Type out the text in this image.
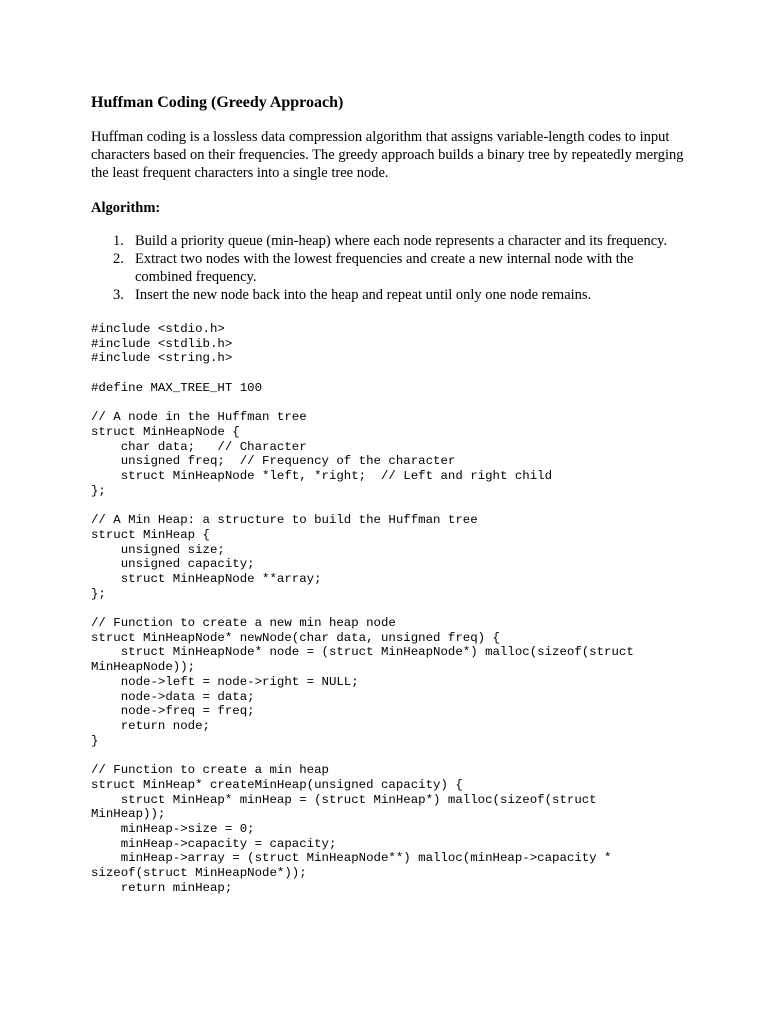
Huffman Coding (Greedy Approach)

Huffman coding is a lossless data compression algorithm that assigns variable-length codes to input characters based on their frequencies. The greedy approach builds a binary tree by repeatedly merging the least frequent characters into a single tree node.

Algorithm:

1. Build a priority queue (min-heap) where each node represents a character and its frequency.
2. Extract two nodes with the lowest frequencies and create a new internal node with the combined frequency.
3. Insert the new node back into the heap and repeat until only one node remains.
#include <stdio.h>
#include <stdlib.h>
#include <string.h>

#define MAX_TREE_HT 100

// A node in the Huffman tree
struct MinHeapNode {
char data;   // Character
unsigned freq;  // Frequency of the character
struct MinHeapNode *left, *right;  // Left and right child
};

// A Min Heap: a structure to build the Huffman tree
struct MinHeap {
unsigned size;
unsigned capacity;
struct MinHeapNode **array;
};

// Function to create a new min heap node
struct MinHeapNode* newNode(char data, unsigned freq) {
struct MinHeapNode* node = (struct MinHeapNode*) malloc(sizeof(struct
MinHeapNode));
node->left = node->right = NULL;
node->data = data;
node->freq = freq;
return node;
}

// Function to create a min heap
struct MinHeap* createMinHeap(unsigned capacity) {
struct MinHeap* minHeap = (struct MinHeap*) malloc(sizeof(struct
MinHeap));
minHeap->size = 0;
minHeap->capacity = capacity;
minHeap->array = (struct MinHeapNode**) malloc(minHeap->capacity *
sizeof(struct MinHeapNode*));
return minHeap;
